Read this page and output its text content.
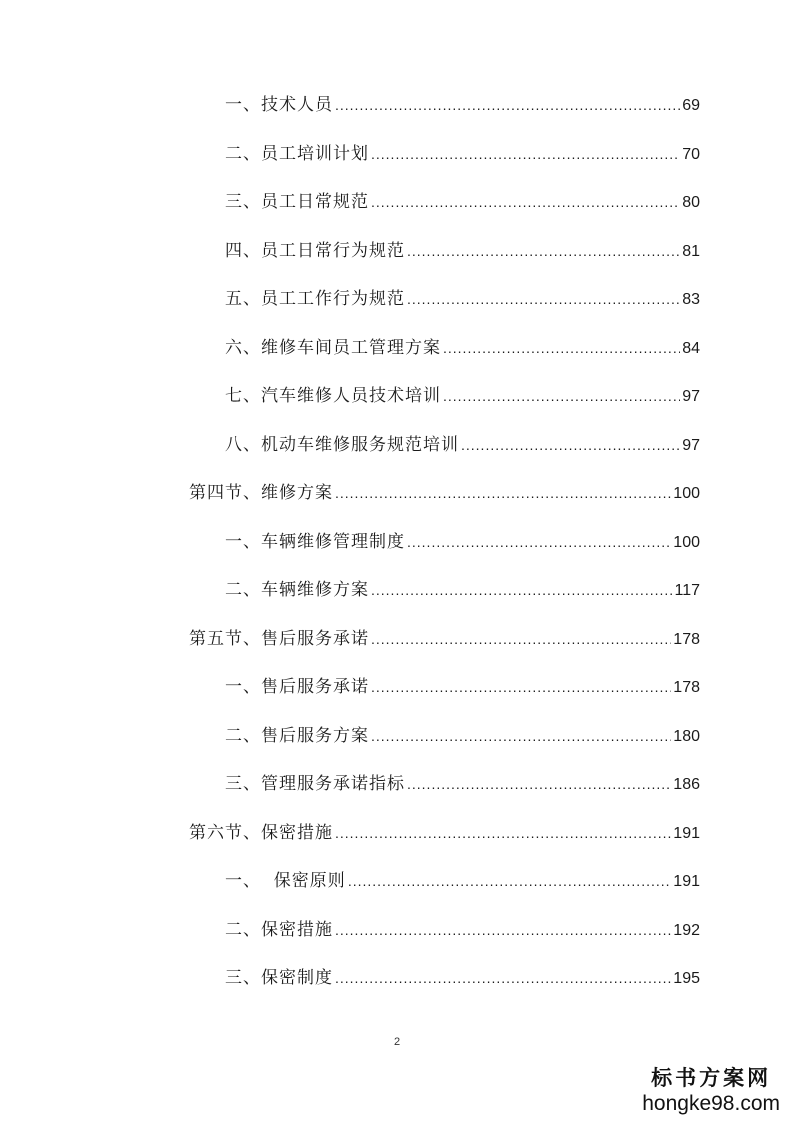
一、技术人员 .....	69
二、员工培训计划 .....	70
三、员工日常规范 .....	80
四、员工日常行为规范 .....	81
五、员工工作行为规范 .....	83
六、维修车间员工管理方案 .....	84
七、汽车维修人员技术培训 .....	97
八、机动车维修服务规范培训 .....	97
第四节、维修方案 .....	100
一、车辆维修管理制度 .....	100
二、车辆维修方案 .....	117
第五节、售后服务承诺 .....	178
一、售后服务承诺 .....	178
二、售后服务方案 .....	180
三、管理服务承诺指标 .....	186
第六节、保密措施 .....	191
一、  保密原则 .....	191
二、保密措施 .....	192
三、保密制度 .....	195
2
标书方案网
hongke98.com
